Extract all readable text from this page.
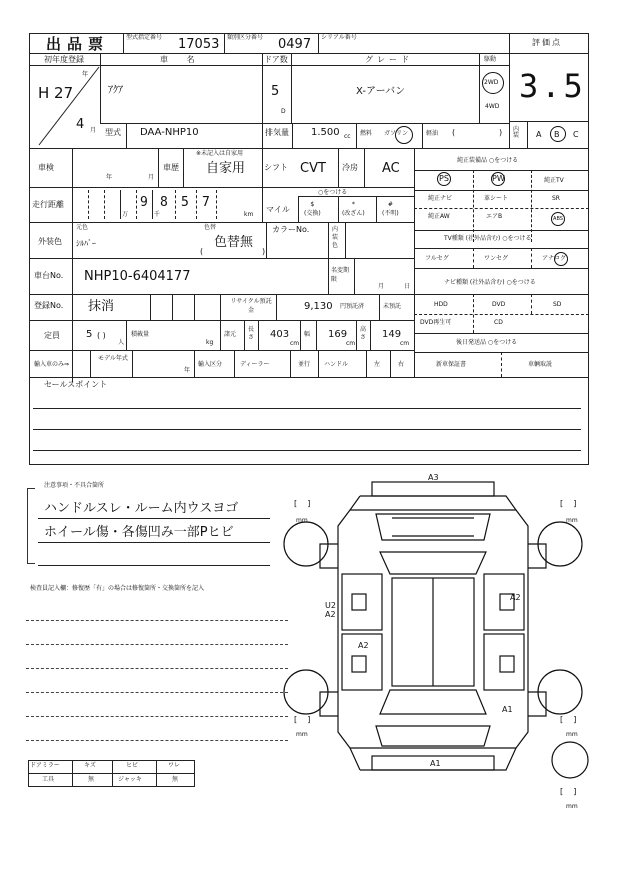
出品票	型式指定番号 17053 類別区分番号 0497 シリアル番号
評価点
3.5
初年度登録
年
H 27
4 月
車 名
ｱｸｱ
ドア数
5
D
グレード
X-アーバン
駆動
2WD
4WD
型式 DAA-NHP10	排気量 1.500 cc 燃料 ガソリン	軽油 (	) 内装	A B C
車検
年	月
車歴
※未記入は自家用
自家用 シフト CVT 冷房 AC
走行距離	9 8 5 7
万	千	km
マイル
○をつける
$
(交換)
*
(改ざん)
#
(不明)
外装色
元色
ｼﾙﾊﾞｰ
色替
色替無
(	)
カラーNo.	内装色
車台No. NHP10-6404177	名変期限
月	日
登録No. 抹消	リサイクル預託金	9,130 円預託済	未預託
定員	5 ( )
人
積載量
kg
諸元
長さ 403
cm
幅 169
cm
高さ 149
cm
輸入車のみ⇒
モデル年式
年
輸入区分	ディーラー	並行 ハンドル	左	右
純正装備品 ○をつける
PS	PW	純正TV
純正ナビ	革シート	SR
純正AW	エアB	ABS
TV種類 (社外品含む) ○をつける
フルセグ	ワンセグ	アナログ
ナビ種類 (社外品含む) ○をつける
HDD	DVD	SD
DVD再生可	CD
後日発送品 ○をつける
新車保証書	車輌取説
セールスポイント
注意事項・不具合箇所
ハンドルスレ・ルーム内ウスヨゴ
ホイール傷・各傷凹み一部Pヒビ
検査員記入欄：修復歴「有」の場合は修復箇所・交換箇所を記入
ドアミラー	キズ	ヒビ	ワレ
工具	無	ジャッキ	無
A3
A2
U2 A2
A2
A1
A1
[    ]
mm
[    ]
mm
[    ]
mm
[    ]
mm
[    ]
mm
